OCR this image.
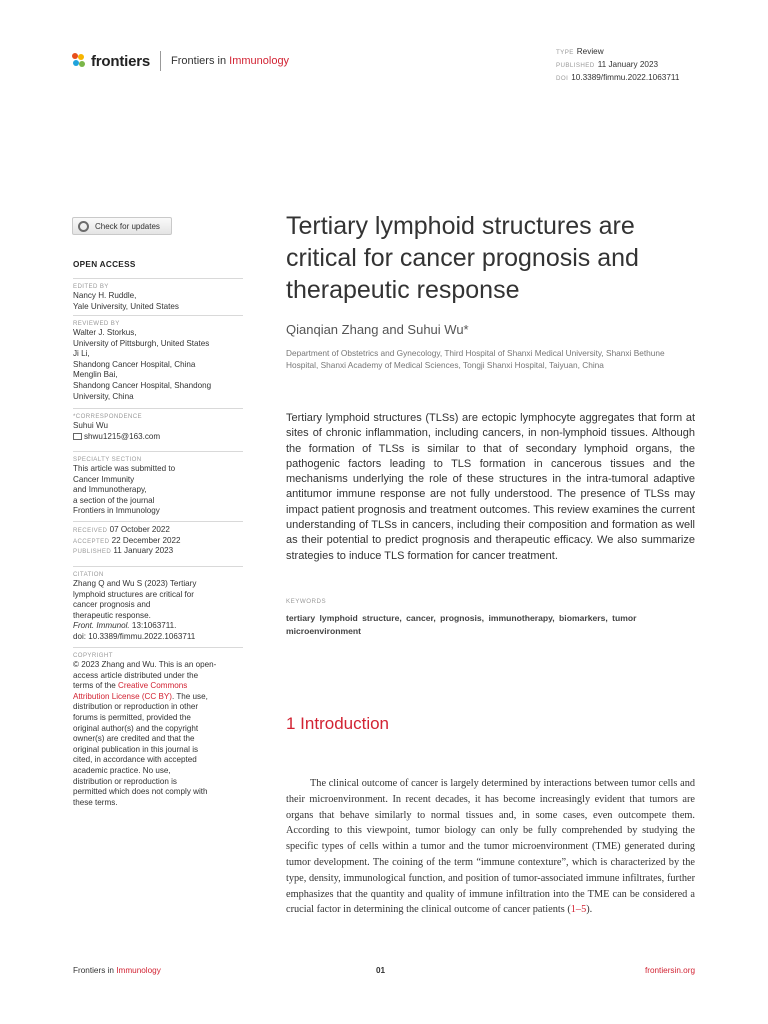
frontiers Frontiers in Immunology
TYPE Review
PUBLISHED 11 January 2023
DOI 10.3389/fimmu.2022.1063711
Check for updates
OPEN ACCESS
EDITED BY
Nancy H. Ruddle,
Yale University, United States
REVIEWED BY
Walter J. Storkus,
University of Pittsburgh, United States
Ji Li,
Shandong Cancer Hospital, China
Menglin Bai,
Shandong Cancer Hospital, Shandong
University, China
*CORRESPONDENCE
Suhui Wu
shwu1215@163.com
SPECIALTY SECTION
This article was submitted to
Cancer Immunity
and Immunotherapy,
a section of the journal
Frontiers in Immunology
RECEIVED 07 October 2022
ACCEPTED 22 December 2022
PUBLISHED 11 January 2023
CITATION
Zhang Q and Wu S (2023) Tertiary
lymphoid structures are critical for
cancer prognosis and
therapeutic response.
Front. Immunol. 13:1063711.
doi: 10.3389/fimmu.2022.1063711
COPYRIGHT
© 2023 Zhang and Wu. This is an open-
access article distributed under the
terms of the Creative Commons
Attribution License (CC BY). The use,
distribution or reproduction in other
forums is permitted, provided the
original author(s) and the copyright
owner(s) are credited and that the
original publication in this journal is
cited, in accordance with accepted
academic practice. No use,
distribution or reproduction is
permitted which does not comply with
these terms.
Tertiary lymphoid structures are critical for cancer prognosis and therapeutic response
Qianqian Zhang and Suhui Wu*
Department of Obstetrics and Gynecology, Third Hospital of Shanxi Medical University, Shanxi Bethune Hospital, Shanxi Academy of Medical Sciences, Tongji Shanxi Hospital, Taiyuan, China

Tertiary lymphoid structures (TLSs) are ectopic lymphocyte aggregates that form at sites of chronic inflammation, including cancers, in non-lymphoid tissues. Although the formation of TLSs is similar to that of secondary lymphoid organs, the pathogenic factors leading to TLS formation in cancerous tissues and the mechanisms underlying the role of these structures in the intra-tumoral adaptive antitumor immune response are not fully understood. The presence of TLSs may impact patient prognosis and treatment outcomes. This review examines the current understanding of TLSs in cancers, including their composition and formation as well as their potential to predict prognosis and therapeutic efficacy. We also summarize strategies to induce TLS formation for cancer treatment.

KEYWORDS
tertiary lymphoid structure, cancer, prognosis, immunotherapy, biomarkers, tumor microenvironment
1 Introduction

The clinical outcome of cancer is largely determined by interactions between tumor cells and their microenvironment. In recent decades, it has become increasingly evident that tumors are organs that behave similarly to normal tissues and, in some cases, even outcompete them. According to this viewpoint, tumor biology can only be fully comprehended by studying the specific types of cells within a tumor and the tumor microenvironment (TME) generated during tumor development. The coining of the term “immune contexture”, which is characterized by the type, density, immunological function, and position of tumor-associated immune infiltrates, further emphasizes that the quantity and quality of immune infiltration into the TME can be considered a crucial factor in determining the clinical outcome of cancer patients (1–5).

Frontiers in Immunology	01	frontiersin.org
